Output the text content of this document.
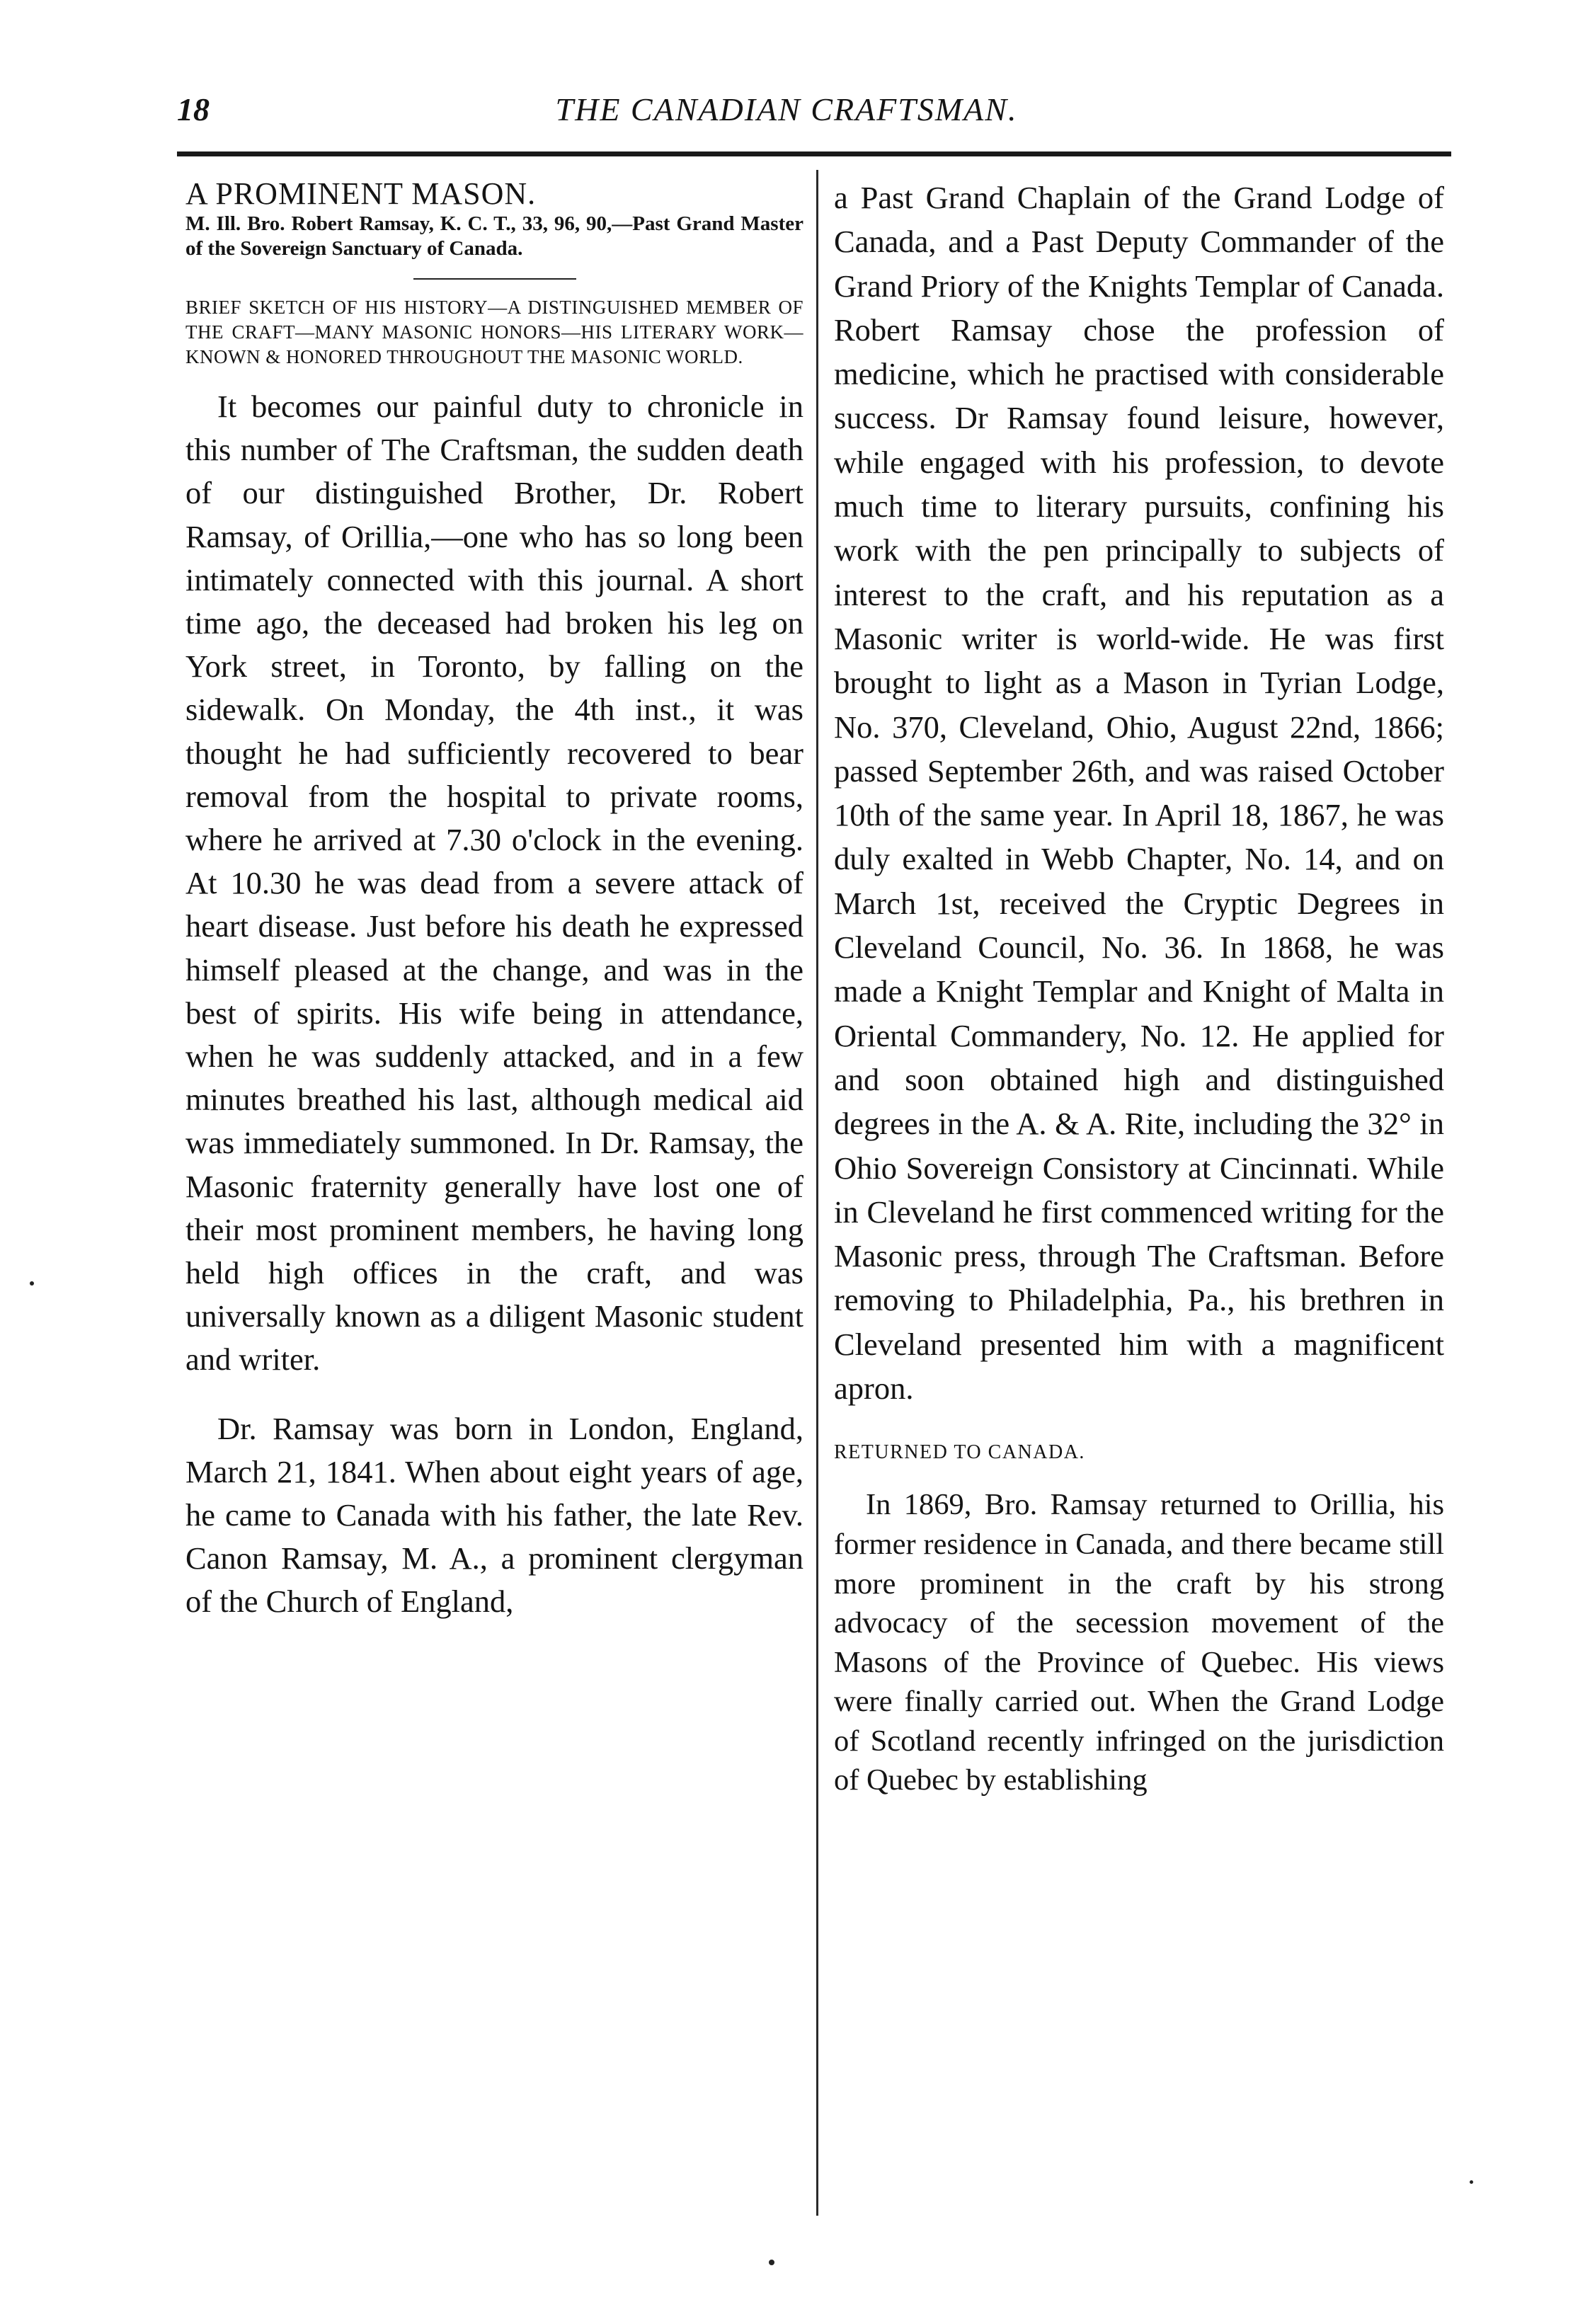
18	THE CANADIAN CRAFTSMAN.

A PROMINENT MASON.

M. Ill. Bro. Robert Ramsay, K. C. T., 33, 96, 90,—Past Grand Master of the Sovereign Sanctuary of Canada.

BRIEF SKETCH OF HIS HISTORY—A DISTINGUISHED MEMBER OF THE CRAFT—MANY MASONIC HONORS—HIS LITERARY WORK—KNOWN & HONORED THROUGHOUT THE MASONIC WORLD.

It becomes our painful duty to chronicle in this number of The Craftsman, the sudden death of our distinguished Brother, Dr. Robert Ramsay, of Orillia,—one who has so long been intimately connected with this journal. A short time ago, the deceased had broken his leg on York street, in Toronto, by falling on the sidewalk. On Monday, the 4th inst., it was thought he had sufficiently recovered to bear removal from the hospital to private rooms, where he arrived at 7.30 o'clock in the evening. At 10.30 he was dead from a severe attack of heart disease. Just before his death he expressed himself pleased at the change, and was in the best of spirits. His wife being in attendance, when he was suddenly attacked, and in a few minutes breathed his last, although medical aid was immediately summoned. In Dr. Ramsay, the Masonic fraternity generally have lost one of their most prominent members, he having long held high offices in the craft, and was universally known as a diligent Masonic student and writer.

Dr. Ramsay was born in London, England, March 21, 1841. When about eight years of age, he came to Canada with his father, the late Rev. Canon Ramsay, M. A., a prominent clergyman of the Church of England,

a Past Grand Chaplain of the Grand Lodge of Canada, and a Past Deputy Commander of the Grand Priory of the Knights Templar of Canada. Robert Ramsay chose the profession of medicine, which he practised with considerable success. Dr Ramsay found leisure, however, while engaged with his profession, to devote much time to literary pursuits, confining his work with the pen principally to subjects of interest to the craft, and his reputation as a Masonic writer is world-wide. He was first brought to light as a Mason in Tyrian Lodge, No. 370, Cleveland, Ohio, August 22nd, 1866; passed September 26th, and was raised October 10th of the same year. In April 18, 1867, he was duly exalted in Webb Chapter, No. 14, and on March 1st, received the Cryptic Degrees in Cleveland Council, No. 36. In 1868, he was made a Knight Templar and Knight of Malta in Oriental Commandery, No. 12. He applied for and soon obtained high and distinguished degrees in the A. & A. Rite, including the 32° in Ohio Sovereign Consistory at Cincinnati. While in Cleveland he first commenced writing for the Masonic press, through The Craftsman. Before removing to Philadelphia, Pa., his brethren in Cleveland presented him with a magnificent apron.

RETURNED TO CANADA.

In 1869, Bro. Ramsay returned to Orillia, his former residence in Canada, and there became still more prominent in the craft by his strong advocacy of the secession movement of the Masons of the Province of Quebec. His views were finally carried out. When the Grand Lodge of Scotland recently infringed on the jurisdiction of Quebec by establishing
